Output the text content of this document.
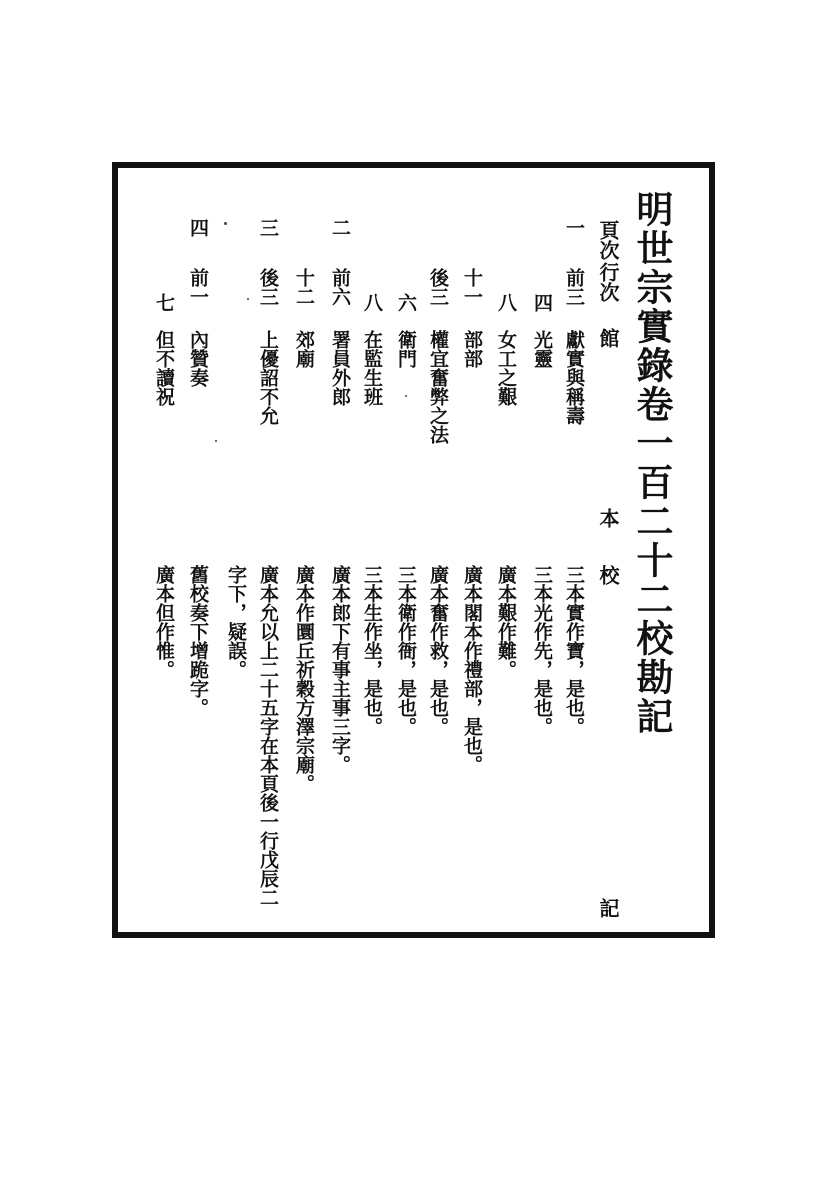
明世宗實錄卷一百二十二校勘記
頁次
行次
館
本
校
記
一
二
三
四
前三
獻實與稱壽
三本實作寶，是也。
四
光靈
三本光作先，是也。
八
女工之艱
廣本艱作難。
十一
部部
廣本閣本作禮部，是也。
後三
權宜奮弊之法
廣本奮作救，是也。
六
衛門
三本衛作衙，是也。
八
在監生班
三本生作坐，是也。
前六
署員外郎
廣本郎下有事主事三字。
十二
郊廟
廣本作圜丘祈穀方澤宗廟。
後三
上優詔不允
廣本允以上二十五字在本頁後一行戊辰二
字下，疑誤。
前一
內贊奏
舊校奏下增跪字。
七
但不讀祝
廣本但作惟。
